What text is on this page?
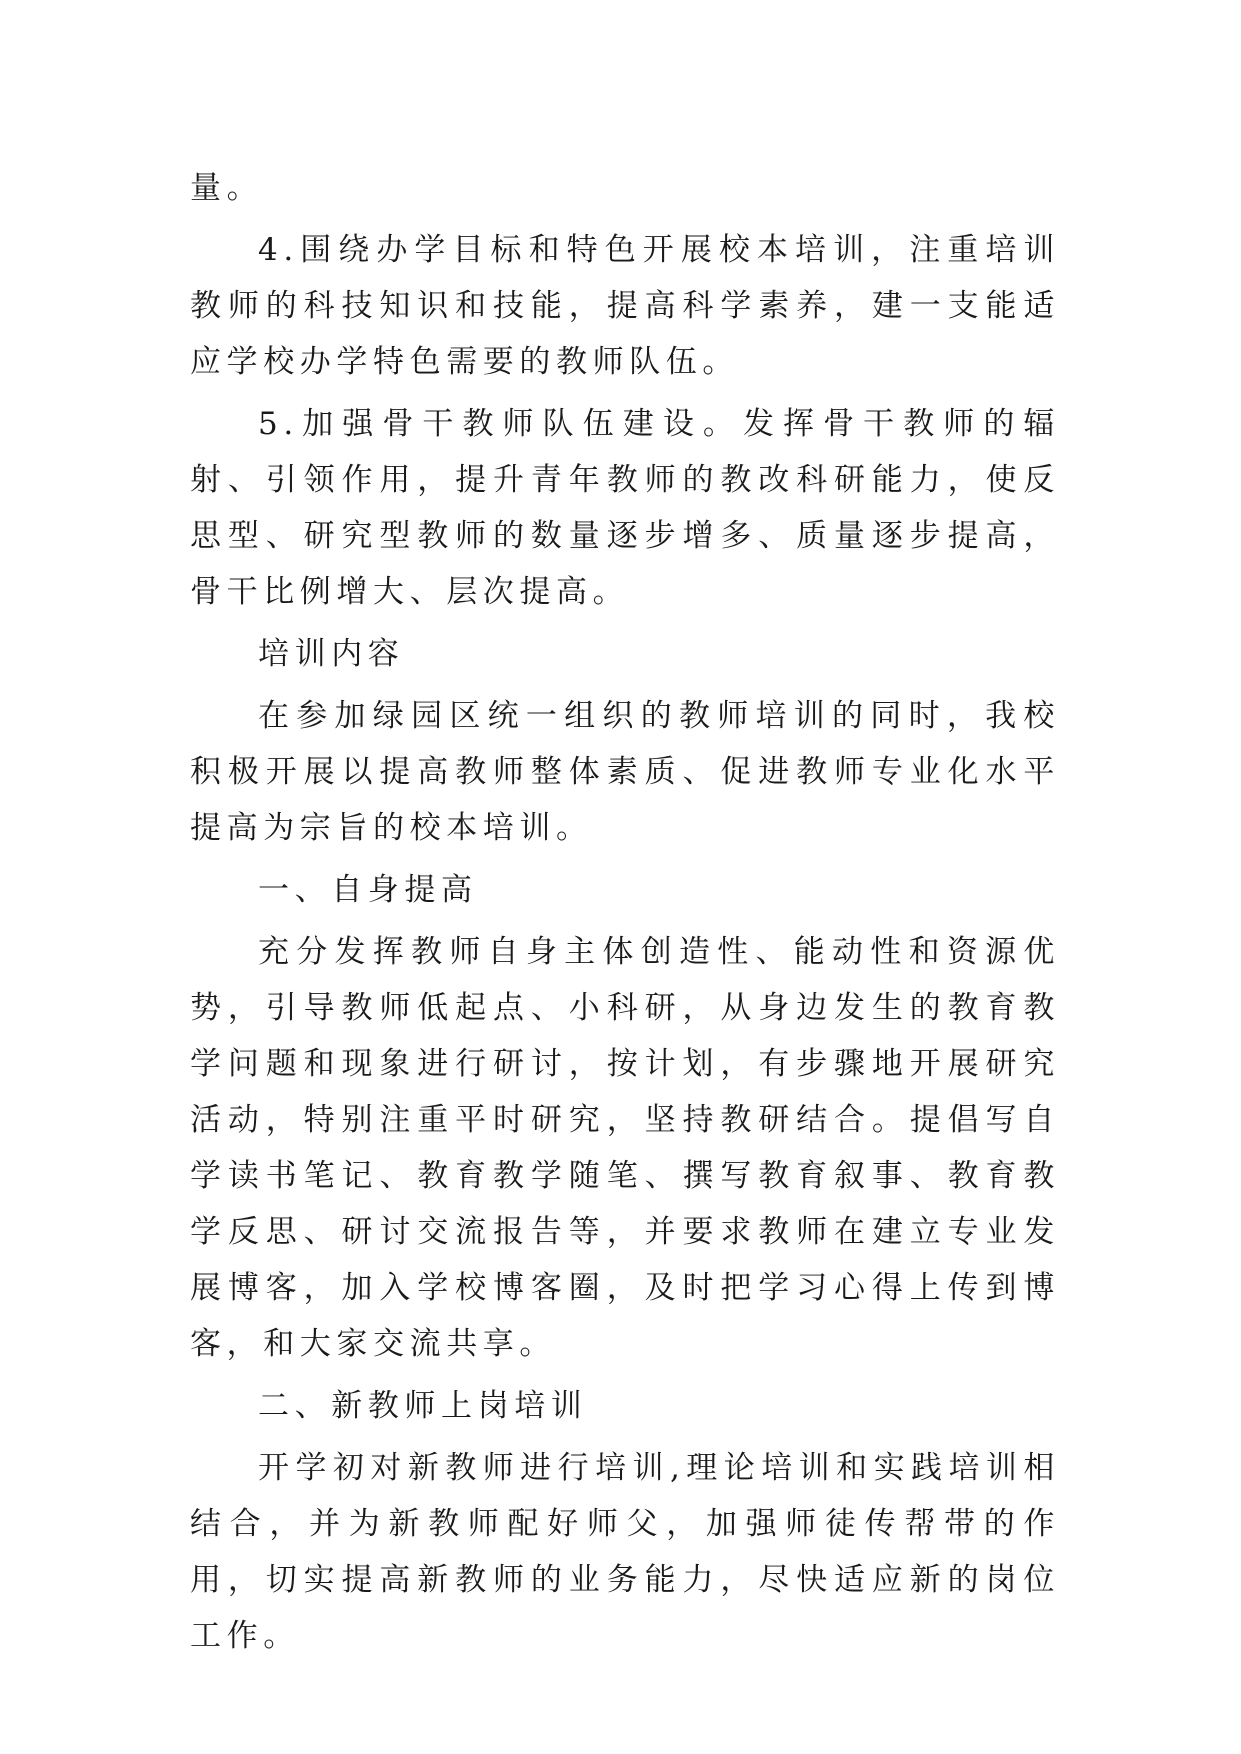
量。

4.围绕办学目标和特色开展校本培训，注重培训教师的科技知识和技能，提高科学素养，建一支能适应学校办学特色需要的教师队伍。

5.加强骨干教师队伍建设。发挥骨干教师的辐射、引领作用，提升青年教师的教改科研能力，使反思型、研究型教师的数量逐步增多、质量逐步提高，骨干比例增大、层次提高。

培训内容

在参加绿园区统一组织的教师培训的同时，我校积极开展以提高教师整体素质、促进教师专业化水平提高为宗旨的校本培训。

一、自身提高

充分发挥教师自身主体创造性、能动性和资源优势，引导教师低起点、小科研，从身边发生的教育教学问题和现象进行研讨，按计划，有步骤地开展研究活动，特别注重平时研究，坚持教研结合。提倡写自学读书笔记、教育教学随笔、撰写教育叙事、教育教学反思、研讨交流报告等，并要求教师在建立专业发展博客，加入学校博客圈，及时把学习心得上传到博客，和大家交流共享。

二、新教师上岗培训

开学初对新教师进行培训,理论培训和实践培训相结合，并为新教师配好师父，加强师徒传帮带的作用，切实提高新教师的业务能力，尽快适应新的岗位工作。
